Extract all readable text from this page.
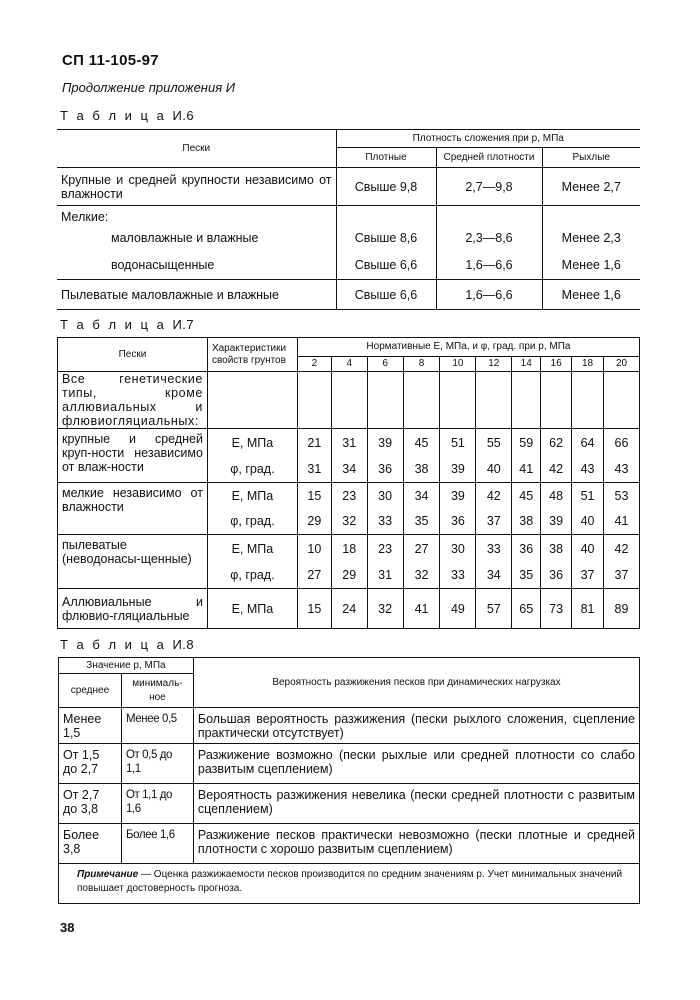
СП 11-105-97
Продолжение приложения И
Т а б л и ц а И.6
Пески	Плотность сложения при р, МПа		
	Плотные	Средней плотности	Рыхлые
Крупные и средней крупности независимо от влажности	Свыше 9,8	2,7—9,8	Менее 2,7
Мелкие:			
маловлажные и влажные	Свыше 8,6	2,3—8,6	Менее 2,3
водонасыщенные	Свыше 6,6	1,6—6,6	Менее 1,6
Пылеватые маловлажные и влажные	Свыше 6,6	1,6—6,6	Менее 1,6
Т а б л и ц а И.7
Пески	Характеристики свойств грунтов	Нормативные E, МПа, и φ, град. при р, МПа									
		2	4	6	8	10	12	14	16	18	20
Все генетические типы, кроме аллювиальных и флювиогляциальных:											
крупные и средней круп-ности независимо от влаж-ности	E, МПа	21	31	39	45	51	55	59	62	64	66
	φ, град.	31	34	36	38	39	40	41	42	43	43
мелкие независимо от влажности	E, МПа	15	23	30	34	39	42	45	48	51	53
	φ, град.	29	32	33	35	36	37	38	39	40	41
пылеватые (неводонасы-щенные)	E, МПа	10	18	23	27	30	33	36	38	40	42
	φ, град.	27	29	31	32	33	34	35	36	37	37
Аллювиальные и флювио-гляциальные	E, МПа	15	24	32	41	49	57	65	73	81	89
Т а б л и ц а И.8
Значение р, МПа		Вероятность разжижения песков при динамических нагрузках
среднее	минималь-ное	
Менее 1,5	Менее 0,5	Большая вероятность разжижения (пески рыхлого сложения, сцепление практически отсутствует)
От 1,5 до 2,7	От 0,5 до 1,1	Разжижение возможно (пески рыхлые или средней плотности со слабо развитым сцеплением)
От 2,7 до 3,8	От 1,1 до 1,6	Вероятность разжижения невелика (пески средней плотности с развитым сцеплением)
Более 3,8	Более 1,6	Разжижение песков практически невозможно (пески плотные и средней плотности с хорошо развитым сцеплением)
Примечание — Оценка разжижаемости песков производится по средним значениям р. Учет минимальных значений повышает достоверность прогноза.		
38
